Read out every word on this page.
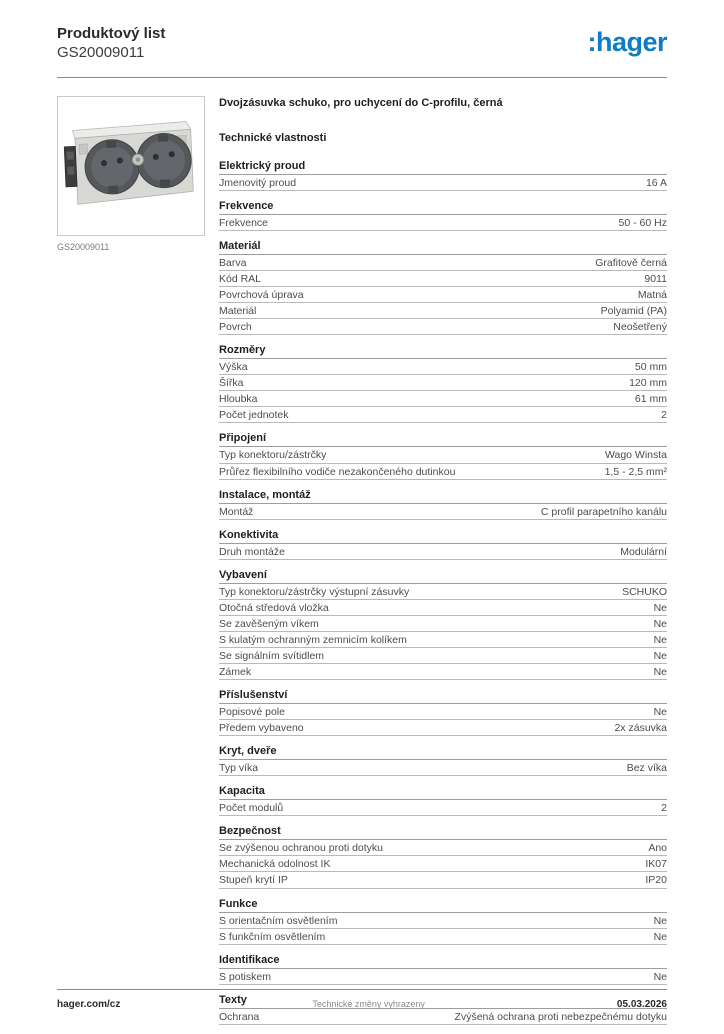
Produktový list
GS20009011	:hager
GS20009011
Dvojzásuvka schuko, pro uchycení do C-profilu, černá
Technické vlastnosti
Elektrický proud
Jmenovitý proud	16 A
Frekvence
Frekvence	50 - 60 Hz
Materiál
Barva	Grafitově černá
Kód RAL	9011
Povrchová úprava	Matná
Materiál	Polyamid (PA)
Povrch	Neošetřený
Rozměry
Výška	50 mm
Šířka	120 mm
Hloubka	61 mm
Počet jednotek	2
Připojení
Typ konektoru/zástrčky	Wago Winsta
Průřez flexibilního vodiče nezakončeného dutinkou	1,5 - 2,5 mm²
Instalace, montáž
Montáž	C profil parapetního kanálu
Konektivita
Druh montáže	Modulární
Vybavení
Typ konektoru/zástrčky výstupní zásuvky	SCHUKO
Otočná středová vložka	Ne
Se zavěšeným víkem	Ne
S kulatým ochranným zemnicím kolíkem	Ne
Se signálním svítidlem	Ne
Zámek	Ne
Příslušenství
Popisové pole	Ne
Předem vybaveno	2x zásuvka
Kryt, dveře
Typ víka	Bez víka
Kapacita
Počet modulů	2
Bezpečnost
Se zvýšenou ochranou proti dotyku	Ano
Mechanická odolnost IK	IK07
Stupeň krytí IP	IP20
Funkce
S orientačním osvětlením	Ne
S funkčním osvětlením	Ne
Identifikace
S potiskem	Ne
Texty
Ochrana	Zvýšená ochrana proti nebezpečnému dotyku
hager.com/cz	Technické změny vyhrazeny	05.03.2026
